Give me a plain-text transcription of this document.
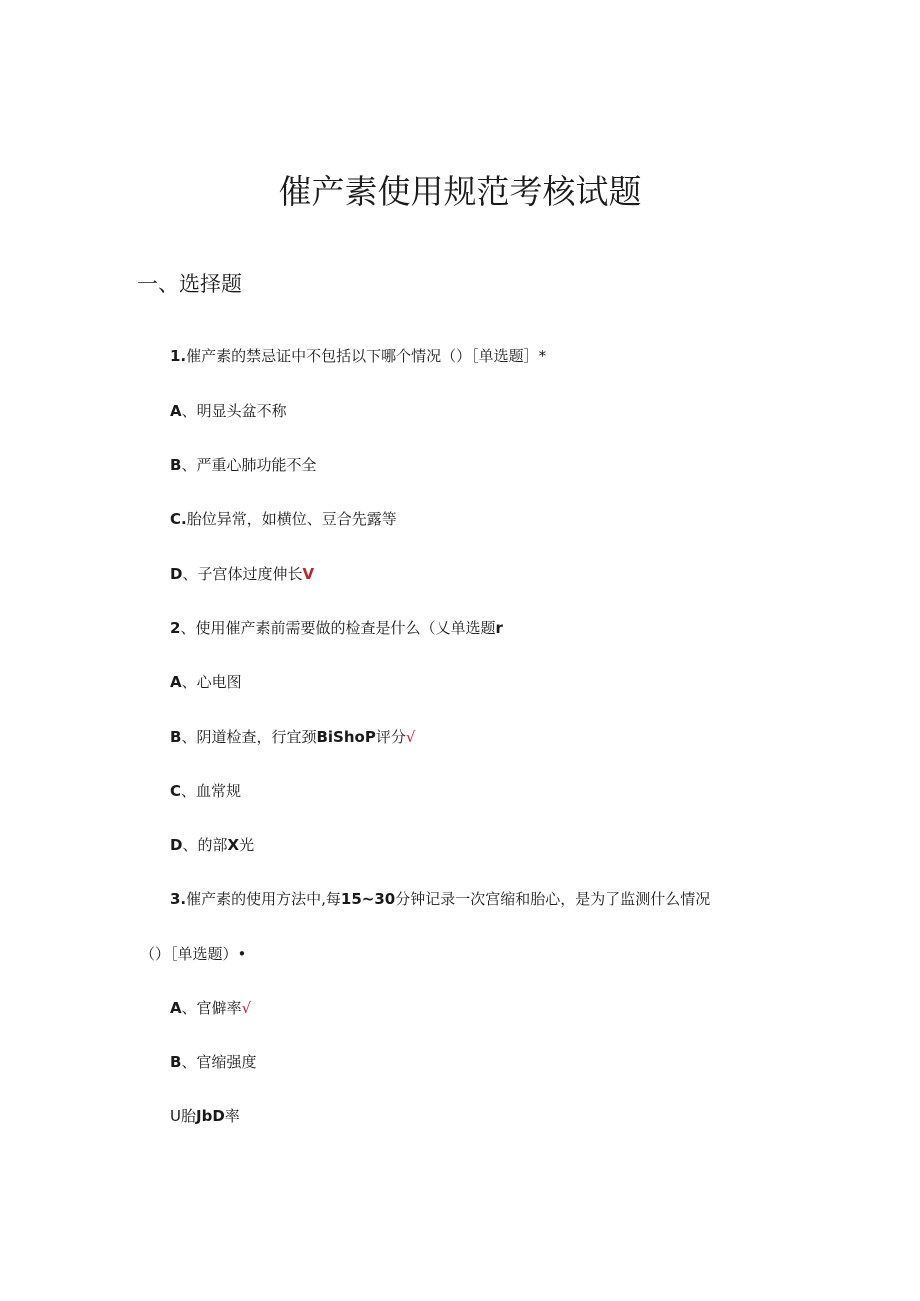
催产素使用规范考核试题
一、选择题
1.催产素的禁忌证中不包括以下哪个情况（）［单选题］*
A、明显头盆不称
B、严重心肺功能不全
C.胎位异常，如横位、豆合先露等
D、子宫体过度伸长V
2、使用催产素前需要做的检查是什么（乂单选题r
A、心电图
B、阴道检查，行宜颈BiShoP评分√
C、血常规
D、的部X光
3.催产素的使用方法中,每15~30分钟记录一次宫缩和胎心，是为了监测什么情况
（）［单选题）•
A、官僻率√
B、官缩强度
U胎JbD率
